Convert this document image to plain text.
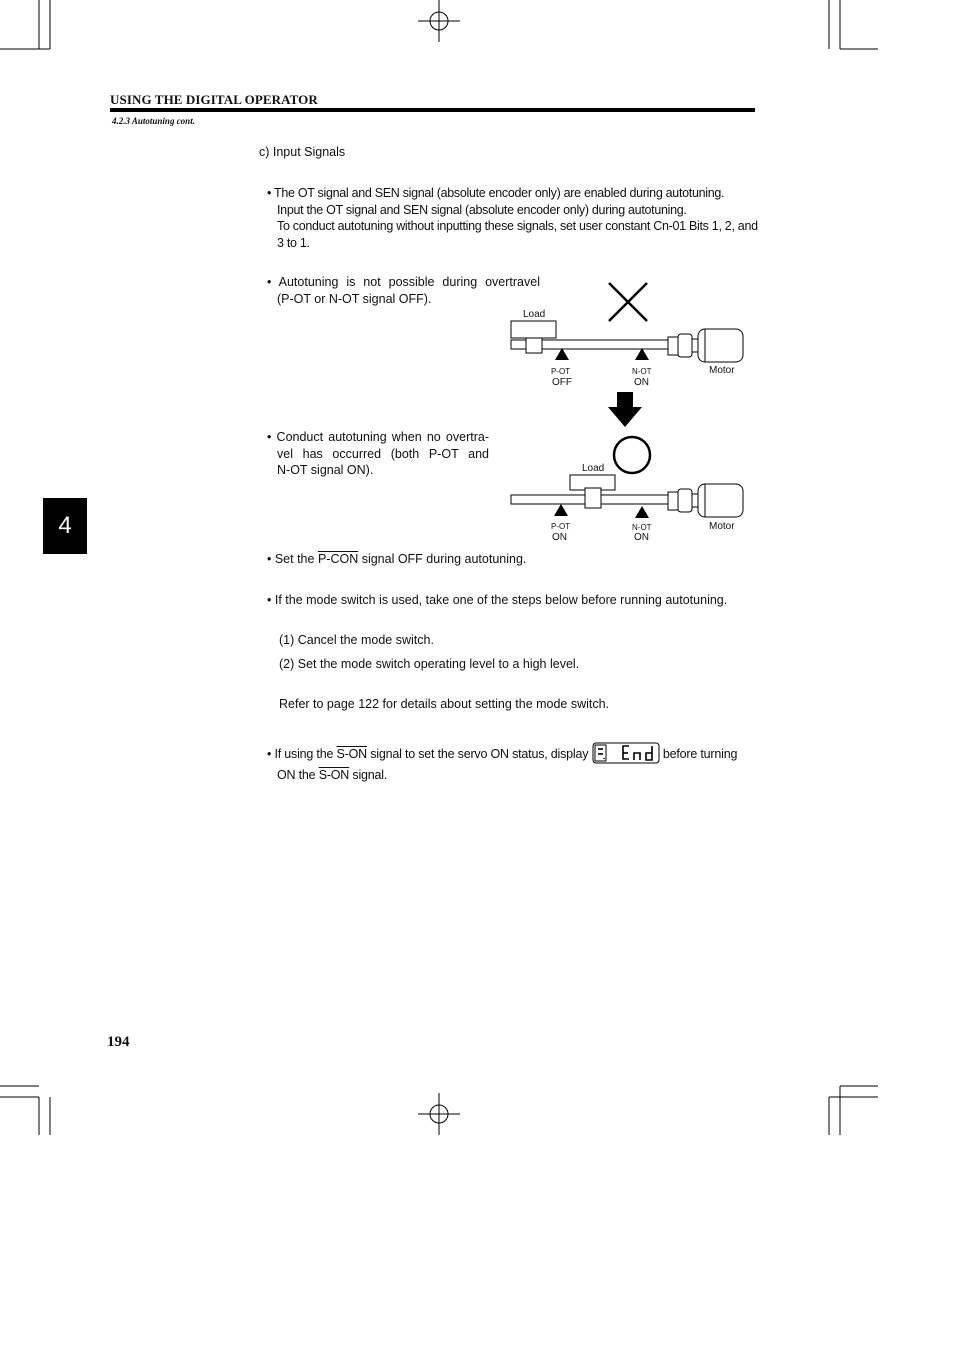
USING THE DIGITAL OPERATOR
4.2.3 Autotuning cont.
4
c) Input Signals
• The OT signal and SEN signal (absolute encoder only) are enabled during autotuning.
Input the OT signal and SEN signal (absolute encoder only) during autotuning.
To conduct autotuning without inputting these signals, set user constant Cn-01 Bits 1, 2, and 3 to 1.
• Autotuning is not possible during overtravel
(P-OT or N-OT signal OFF).
• Conduct autotuning when no overtra-
vel has occurred (both P-OT and
N-OT signal ON).
Load
Motor
P-OT
OFF
N-OT
ON
Load
Motor
P-OT
ON
N-OT
ON
• Set the P-CON signal OFF during autotuning.
• If the mode switch is used, take one of the steps below before running autotuning.
(1) Cancel the mode switch.
(2) Set the mode switch operating level to a high level.
Refer to page 122 for details about setting the mode switch.
• If using the S-ON signal to set the servo ON status, display	before turning
ON the S-ON signal.
194
